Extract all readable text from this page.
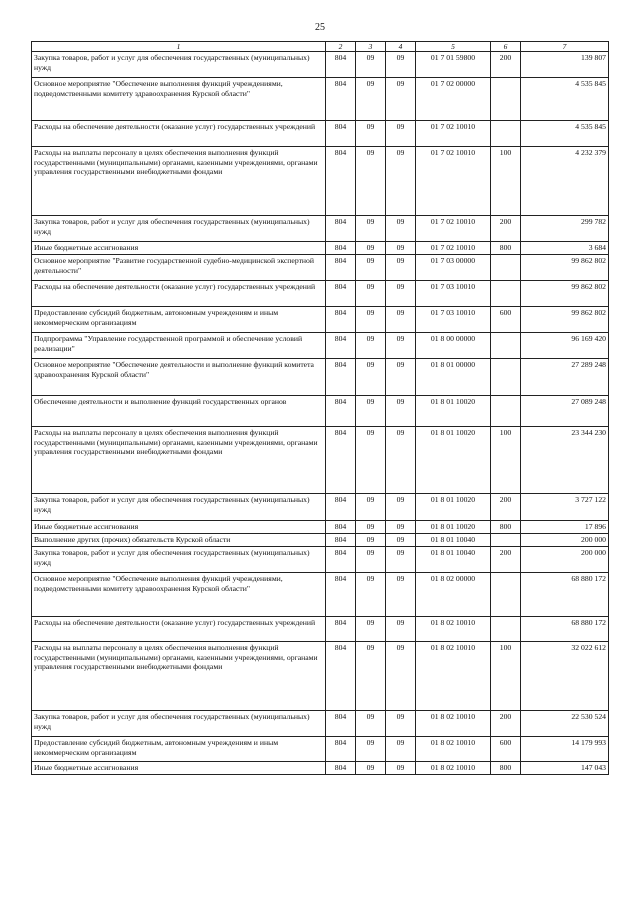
25
1	2	3	4	5	6	7
Закупка товаров, работ и услуг для обеспечения государственных (муниципальных) нужд	804	09	09	01 7 01 59800	200	139 807
Основное мероприятие "Обеспечение выполнения функций учреждениями, подведомственными комитету здравоохранения Курской области"	804	09	09	01 7 02 00000		4 535 845
Расходы на обеспечение деятельности (оказание услуг) государственных учреждений	804	09	09	01 7 02 10010		4 535 845
Расходы на выплаты персоналу в целях обеспечения выполнения функций государственными (муниципальными) органами, казенными учреждениями, органами управления государственными внебюджетными фондами	804	09	09	01 7 02 10010	100	4 232 379
Закупка товаров, работ и услуг для обеспечения государственных (муниципальных) нужд	804	09	09	01 7 02 10010	200	299 782
Иные бюджетные ассигнования	804	09	09	01 7 02 10010	800	3 684
Основное мероприятие "Развитие государственной судебно-медицинской экспертной деятельности"	804	09	09	01 7 03 00000		99 862 802
Расходы на обеспечение деятельности (оказание услуг) государственных учреждений	804	09	09	01 7 03 10010		99 862 802
Предоставление субсидий бюджетным, автономным учреждениям и иным некоммерческим организациям	804	09	09	01 7 03 10010	600	99 862 802
Подпрограмма "Управление государственной программой и обеспечение условий реализации"	804	09	09	01 8 00 00000		96 169 420
Основное мероприятие "Обеспечение деятельности и выполнение функций комитета здравоохранения Курской области"	804	09	09	01 8 01 00000		27 289 248
Обеспечение деятельности и выполнение функций государственных органов	804	09	09	01 8 01 10020		27 089 248
Расходы на выплаты персоналу в целях обеспечения выполнения функций государственными (муниципальными) органами, казенными учреждениями, органами управления государственными внебюджетными фондами	804	09	09	01 8 01 10020	100	23 344 230
Закупка товаров, работ и услуг для обеспечения государственных (муниципальных) нужд	804	09	09	01 8 01 10020	200	3 727 122
Иные бюджетные ассигнования	804	09	09	01 8 01 10020	800	17 896
Выполнение других (прочих) обязательств Курской области	804	09	09	01 8 01 10040		200 000
Закупка товаров, работ и услуг для обеспечения государственных (муниципальных) нужд	804	09	09	01 8 01 10040	200	200 000
Основное мероприятие "Обеспечение выполнения функций учреждениями, подведомственными комитету здравоохранения Курской области"	804	09	09	01 8 02 00000		68 880 172
Расходы на обеспечение деятельности (оказание услуг) государственных учреждений	804	09	09	01 8 02 10010		68 880 172
Расходы на выплаты персоналу в целях обеспечения выполнения функций государственными (муниципальными) органами, казенными учреждениями, органами управления государственными внебюджетными фондами	804	09	09	01 8 02 10010	100	32 022 612
Закупка товаров, работ и услуг для обеспечения государственных (муниципальных) нужд	804	09	09	01 8 02 10010	200	22 530 524
Предоставление субсидий бюджетным, автономным учреждениям и иным некоммерческим организациям	804	09	09	01 8 02 10010	600	14 179 993
Иные бюджетные ассигнования	804	09	09	01 8 02 10010	800	147 043
